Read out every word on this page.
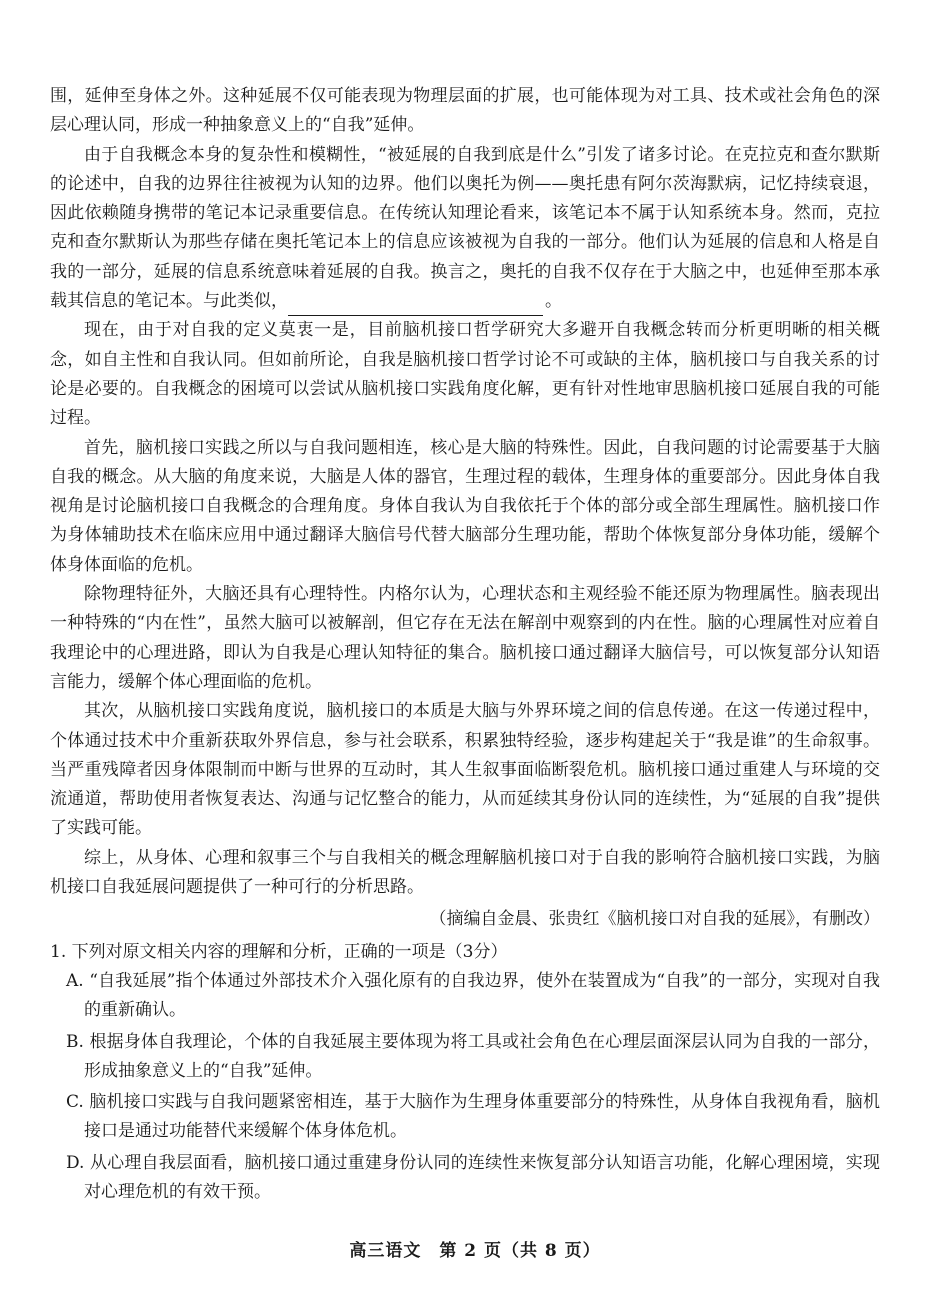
围，延伸至身体之外。这种延展不仅可能表现为物理层面的扩展，也可能体现为对工具、技术或社会角色的深层心理认同，形成一种抽象意义上的“自我”延伸。

由于自我概念本身的复杂性和模糊性，“被延展的自我到底是什么”引发了诸多讨论。在克拉克和查尔默斯的论述中，自我的边界往往被视为认知的边界。他们以奥托为例——奥托患有阿尔茨海默病，记忆持续衰退，因此依赖随身携带的笔记本记录重要信息。在传统认知理论看来，该笔记本不属于认知系统本身。然而，克拉克和查尔默斯认为那些存储在奥托笔记本上的信息应该被视为自我的一部分。他们认为延展的信息和人格是自我的一部分，延展的信息系统意味着延展的自我。换言之，奥托的自我不仅存在于大脑之中，也延伸至那本承载其信息的笔记本。与此类似，	。

现在，由于对自我的定义莫衷一是，目前脑机接口哲学研究大多避开自我概念转而分析更明晰的相关概念，如自主性和自我认同。但如前所论，自我是脑机接口哲学讨论不可或缺的主体，脑机接口与自我关系的讨论是必要的。自我概念的困境可以尝试从脑机接口实践角度化解，更有针对性地审思脑机接口延展自我的可能过程。

首先，脑机接口实践之所以与自我问题相连，核心是大脑的特殊性。因此，自我问题的讨论需要基于大脑自我的概念。从大脑的角度来说，大脑是人体的器官，生理过程的载体，生理身体的重要部分。因此身体自我视角是讨论脑机接口自我概念的合理角度。身体自我认为自我依托于个体的部分或全部生理属性。脑机接口作为身体辅助技术在临床应用中通过翻译大脑信号代替大脑部分生理功能，帮助个体恢复部分身体功能，缓解个体身体面临的危机。

除物理特征外，大脑还具有心理特性。内格尔认为，心理状态和主观经验不能还原为物理属性。脑表现出一种特殊的“内在性”，虽然大脑可以被解剖，但它存在无法在解剖中观察到的内在性。脑的心理属性对应着自我理论中的心理进路，即认为自我是心理认知特征的集合。脑机接口通过翻译大脑信号，可以恢复部分认知语言能力，缓解个体心理面临的危机。

其次，从脑机接口实践角度说，脑机接口的本质是大脑与外界环境之间的信息传递。在这一传递过程中，个体通过技术中介重新获取外界信息，参与社会联系，积累独特经验，逐步构建起关于“我是谁”的生命叙事。当严重残障者因身体限制而中断与世界的互动时，其人生叙事面临断裂危机。脑机接口通过重建人与环境的交流通道，帮助使用者恢复表达、沟通与记忆整合的能力，从而延续其身份认同的连续性，为“延展的自我”提供了实践可能。

综上，从身体、心理和叙事三个与自我相关的概念理解脑机接口对于自我的影响符合脑机接口实践，为脑机接口自我延展问题提供了一种可行的分析思路。

（摘编自金晨、张贵红《脑机接口对自我的延展》，有删改）

1. 下列对原文相关内容的理解和分析，正确的一项是（3分）

A. “自我延展”指个体通过外部技术介入强化原有的自我边界，使外在装置成为“自我”的一部分，实现对自我的重新确认。

B. 根据身体自我理论，个体的自我延展主要体现为将工具或社会角色在心理层面深层认同为自我的一部分，形成抽象意义上的“自我”延伸。

C. 脑机接口实践与自我问题紧密相连，基于大脑作为生理身体重要部分的特殊性，从身体自我视角看，脑机接口是通过功能替代来缓解个体身体危机。

D. 从心理自我层面看，脑机接口通过重建身份认同的连续性来恢复部分认知语言功能，化解心理困境，实现对心理危机的有效干预。

高三语文　第 2 页（共 8 页）
